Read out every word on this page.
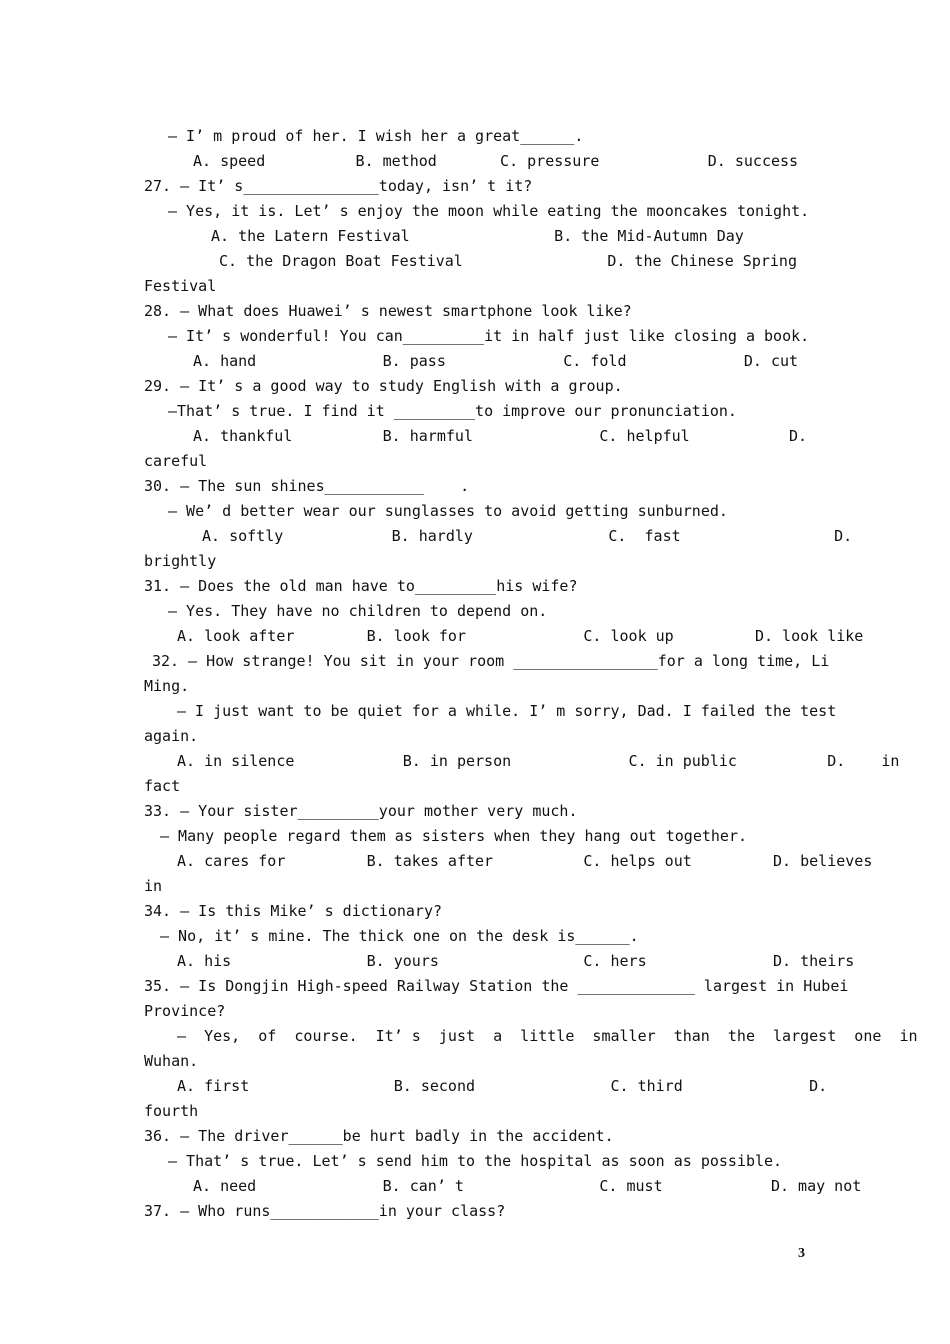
— I’ m proud of her. I wish her a great______.
A. speed          B. method       C. pressure            D. success
27. — It’ s_______________today, isn’ t it?
— Yes, it is. Let’ s enjoy the moon while eating the mooncakes tonight.
A. the Latern Festival                B. the Mid-Autumn Day
C. the Dragon Boat Festival                D. the Chinese Spring
Festival
28. — What does Huawei’ s newest smartphone look like?
— It’ s wonderful! You can_________it in half just like closing a book.
A. hand              B. pass             C. fold             D. cut
29. — It’ s a good way to study English with a group.
—That’ s true. I find it _________to improve our pronunciation.
A. thankful          B. harmful              C. helpful           D.
careful
30. — The sun shines___________    .
— We’ d better wear our sunglasses to avoid getting sunburned.
A. softly            B. hardly               C.  fast                 D.
brightly
31. — Does the old man have to_________his wife?
— Yes. They have no children to depend on.
A. look after        B. look for             C. look up         D. look like
32. — How strange! You sit in your room ________________for a long time, Li
Ming.
— I just want to be quiet for a while. I’ m sorry, Dad. I failed the test
again.
A. in silence            B. in person             C. in public          D.    in
fact
33. — Your sister_________your mother very much.
— Many people regard them as sisters when they hang out together.
A. cares for         B. takes after          C. helps out         D. believes
in
34. — Is this Mike’ s dictionary?
— No, it’ s mine. The thick one on the desk is______.
A. his               B. yours                C. hers              D. theirs
35. — Is Dongjin High-speed Railway Station the _____________ largest in Hubei
Province?
—  Yes,  of  course.  It’ s  just  a  little  smaller  than  the  largest  one  in
Wuhan.
A. first                B. second               C. third              D.
fourth
36. — The driver______be hurt badly in the accident.
— That’ s true. Let’ s send him to the hospital as soon as possible.
A. need              B. can’ t               C. must            D. may not
37. — Who runs____________in your class?
3
